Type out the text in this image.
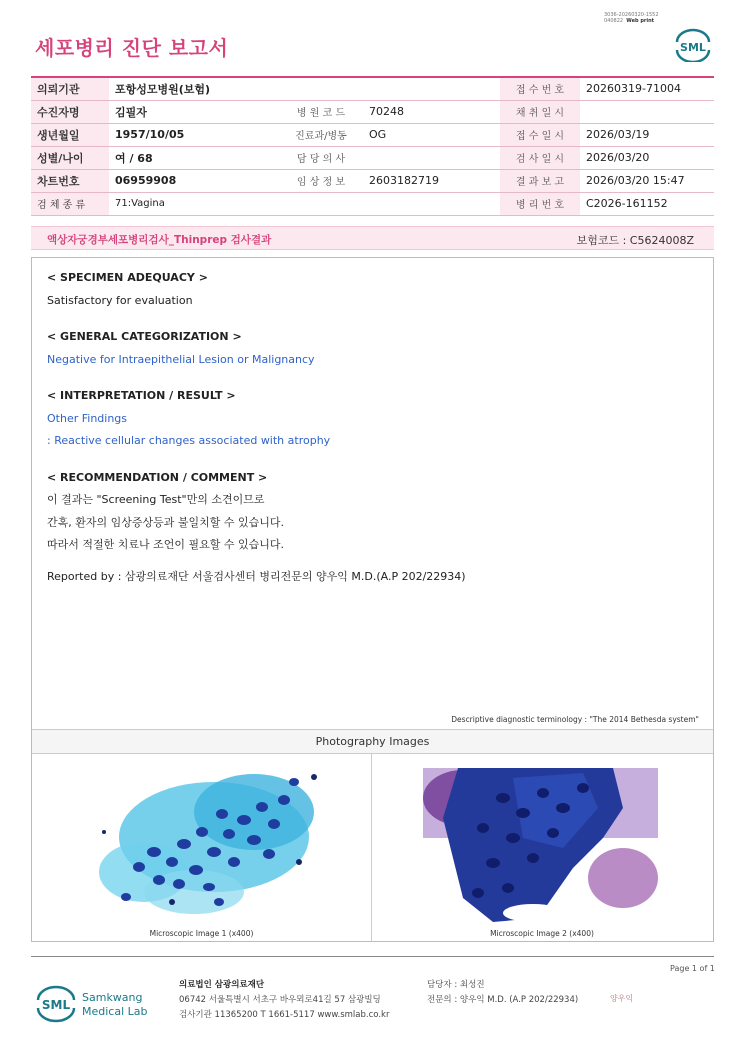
3036-20260320-1552
040822 Web print
세포병리 진단 보고서	SML
의뢰기관	포항성모병원(보험)			접 수 번 호	20260319-71004
수진자명	김필자	병 원 코 드	70248	채 취 일 시	
생년월일	1957/10/05	진료과/병동	OG	접 수 일 시	2026/03/19
성별/나이	여 / 68	담 당 의 사		검 사 일 시	2026/03/20
차트번호	06959908	임 상 정 보	2603182719	결 과 보 고	2026/03/20 15:47
검 체 종 류	71:Vagina			병 리 번 호	C2026-161152
액상자궁경부세포병리검사_Thinprep 검사결과	보험코드 : C5624008Z
< SPECIMEN ADEQUACY >
Satisfactory for evaluation
< GENERAL CATEGORIZATION >
Negative for Intraepithelial Lesion or Malignancy
< INTERPRETATION / RESULT >
Other Findings
: Reactive cellular changes associated with atrophy
< RECOMMENDATION / COMMENT >
이 결과는 "Screening Test"만의 소견이므로
간혹, 환자의 임상증상등과 불일치할 수 있습니다.
따라서 적절한 치료나 조언이 필요할 수 있습니다.
Reported by : 삼광의료재단 서울검사센터 병리전문의 양우익 M.D.(A.P 202/22934)
Descriptive diagnostic terminology : "The 2014 Bethesda system"
Photography Images
Microscopic Image 1 (x400)	Microscopic Image 2 (x400)
Page 1 of 1
SML
Samkwang
Medical Lab
의료법인 삼광의료재단
06742 서울특별시 서초구 바우뫼로41길 57 삼광빌딩
검사기관 11365200 T 1661-5117 www.smlab.co.kr
담당자 : 최성진
전문의 : 양우익 M.D. (A.P 202/22934)	양우익
